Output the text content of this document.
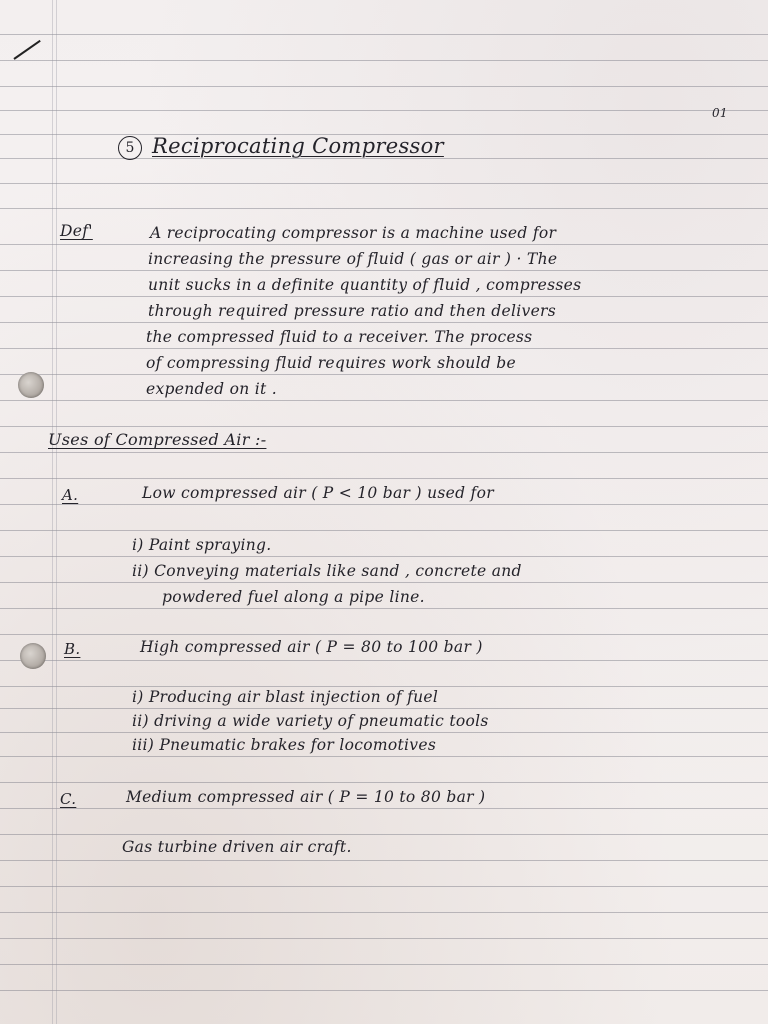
01
5 Reciprocating Compressor
Def'	A reciprocating compressor is a machine used for
increasing the pressure of fluid ( gas or air ) · The
unit sucks in a definite quantity of fluid , compresses
through required pressure ratio and then delivers
the compressed fluid to a receiver. The process
of compressing fluid requires work should be
expended on it .
Uses of Compressed Air :-
A.	Low compressed air ( P < 10 bar ) used for
i) Paint spraying.
ii) Conveying materials like sand , concrete and
powdered fuel along a pipe line.
B.	High compressed air ( P = 80 to 100 bar )
i) Producing air blast injection of fuel
ii) driving a wide variety of pneumatic tools
iii) Pneumatic brakes for locomotives
C.	Medium compressed air ( P = 10 to 80 bar )
Gas turbine driven air craft.
